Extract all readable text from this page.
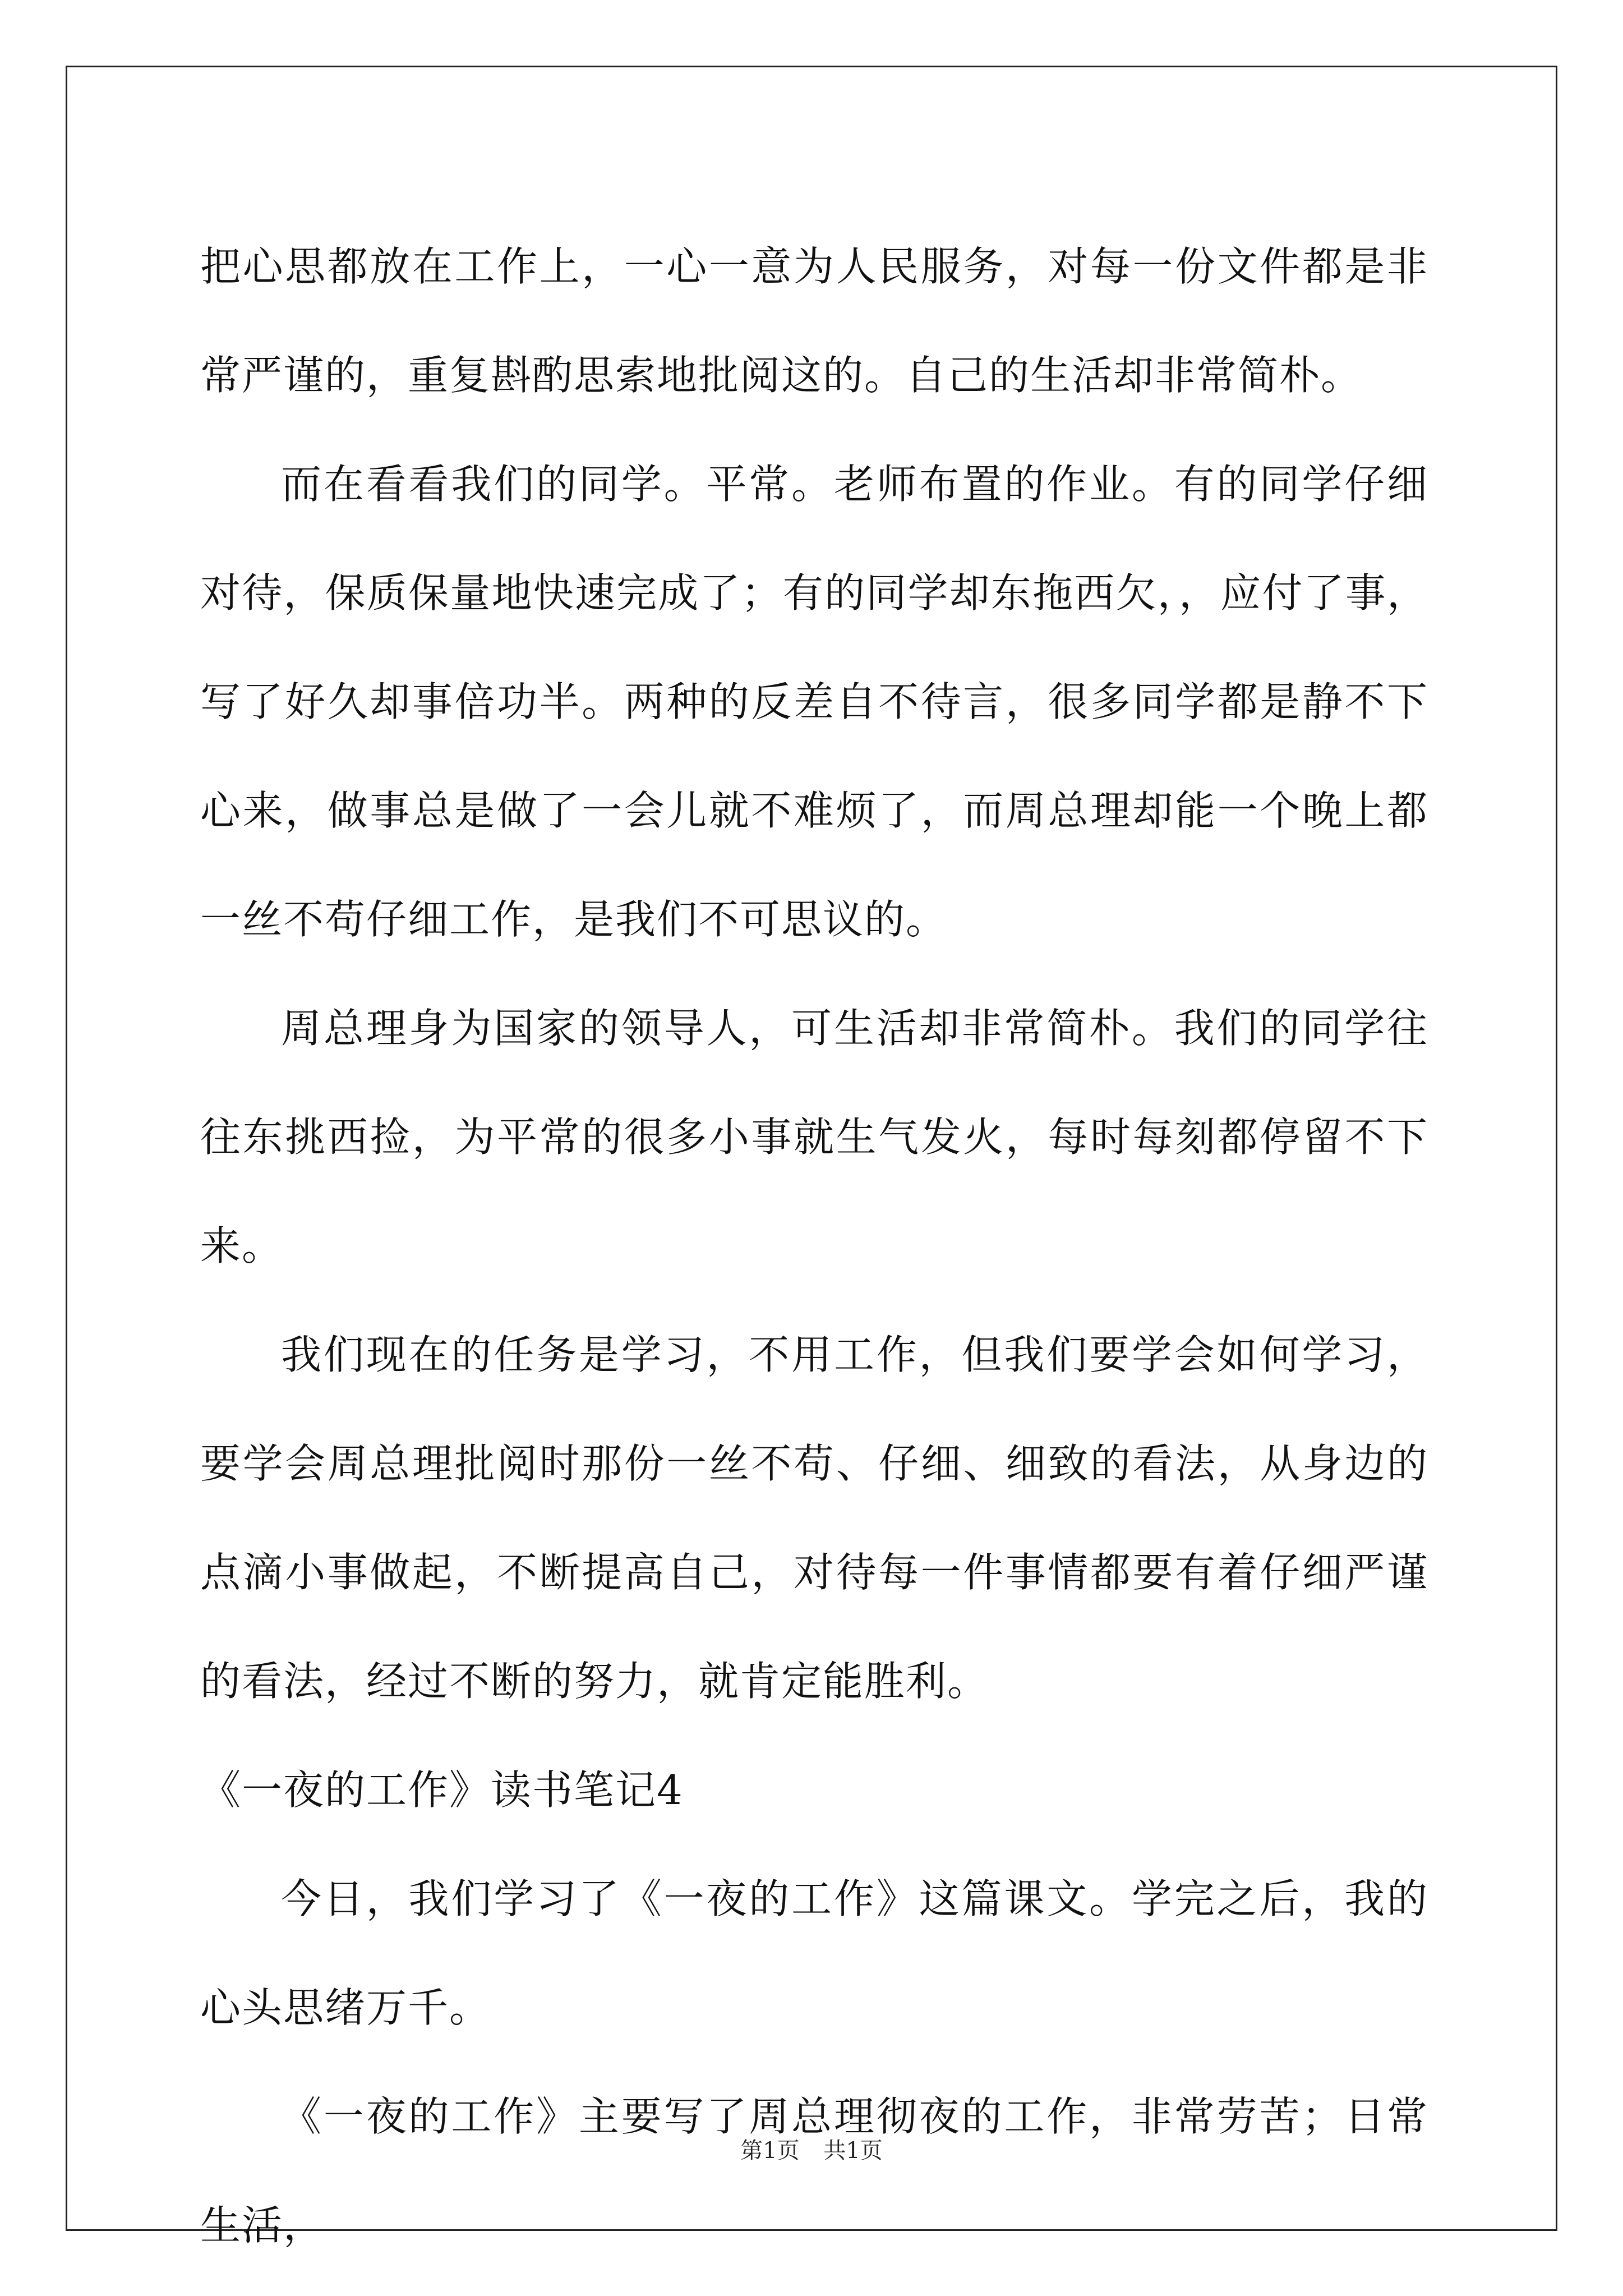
把心思都放在工作上，一心一意为人民服务，对每一份文件都是非常严谨的，重复斟酌思索地批阅这的。自己的生活却非常简朴。

而在看看我们的同学。平常。老师布置的作业。有的同学仔细对待，保质保量地快速完成了；有的同学却东拖西欠，，应付了事，写了好久却事倍功半。两种的反差自不待言，很多同学都是静不下心来，做事总是做了一会儿就不难烦了，而周总理却能一个晚上都一丝不苟仔细工作，是我们不可思议的。

周总理身为国家的领导人，可生活却非常简朴。我们的同学往往东挑西捡，为平常的很多小事就生气发火，每时每刻都停留不下来。

我们现在的任务是学习，不用工作，但我们要学会如何学习，要学会周总理批阅时那份一丝不苟、仔细、细致的看法，从身边的点滴小事做起，不断提高自己，对待每一件事情都要有着仔细严谨的看法，经过不断的努力，就肯定能胜利。

《一夜的工作》读书笔记4

今日，我们学习了《一夜的工作》这篇课文。学完之后，我的心头思绪万千。

《一夜的工作》主要写了周总理彻夜的工作，非常劳苦；日常生活，

第1页 共1页
